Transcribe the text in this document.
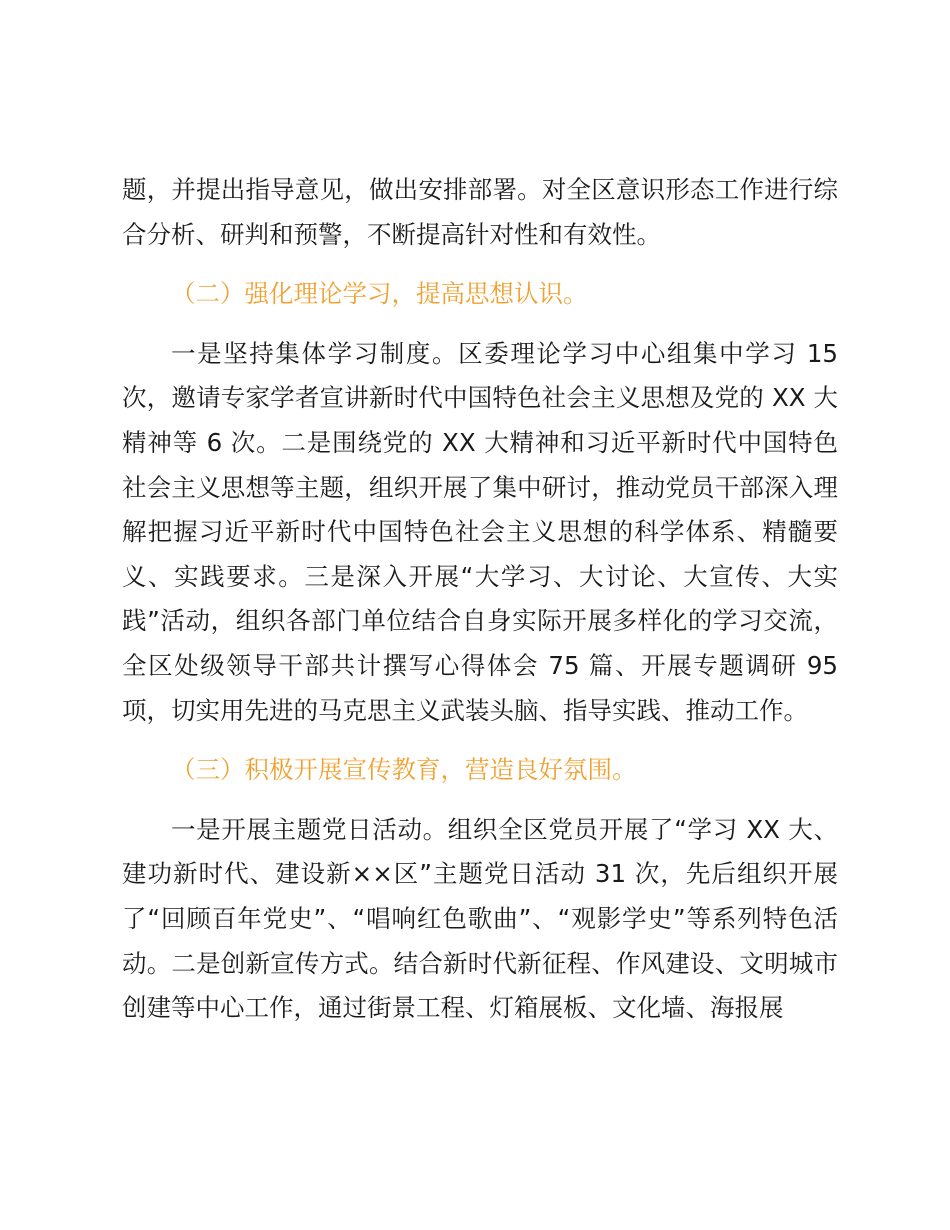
题，并提出指导意见，做出安排部署。对全区意识形态工作进行综合分析、研判和预警，不断提高针对性和有效性。

（二）强化理论学习，提高思想认识。

一是坚持集体学习制度。区委理论学习中心组集中学习 15 次，邀请专家学者宣讲新时代中国特色社会主义思想及党的 XX 大精神等 6 次。二是围绕党的 XX 大精神和习近平新时代中国特色社会主义思想等主题，组织开展了集中研讨，推动党员干部深入理解把握习近平新时代中国特色社会主义思想的科学体系、精髓要义、实践要求。三是深入开展“大学习、大讨论、大宣传、大实践”活动，组织各部门单位结合自身实际开展多样化的学习交流，全区处级领导干部共计撰写心得体会 75 篇、开展专题调研 95 项，切实用先进的马克思主义武装头脑、指导实践、推动工作。

（三）积极开展宣传教育，营造良好氛围。

一是开展主题党日活动。组织全区党员开展了“学习 XX 大、建功新时代、建设新××区”主题党日活动 31 次，先后组织开展了“回顾百年党史”、“唱响红色歌曲”、“观影学史”等系列特色活动。二是创新宣传方式。结合新时代新征程、作风建设、文明城市创建等中心工作，通过街景工程、灯箱展板、文化墙、海报展
